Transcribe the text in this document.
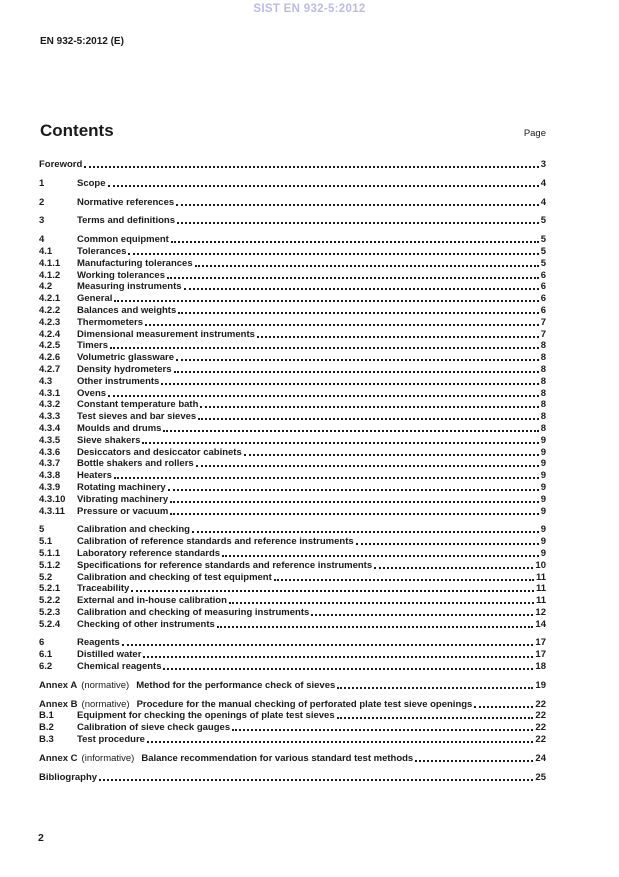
SIST EN 932-5:2012
EN 932-5:2012 (E)
Contents	Page
Foreword	3
1	Scope	4
2	Normative references	4
3	Terms and definitions	5
4	Common equipment	5
4.1	Tolerances	5
4.1.1	Manufacturing tolerances	5
4.1.2	Working tolerances	6
4.2	Measuring instruments	6
4.2.1	General	6
4.2.2	Balances and weights	6
4.2.3	Thermometers	7
4.2.4	Dimensional measurement instruments	7
4.2.5	Timers	8
4.2.6	Volumetric glassware	8
4.2.7	Density hydrometers	8
4.3	Other instruments	8
4.3.1	Ovens	8
4.3.2	Constant temperature bath	8
4.3.3	Test sieves and bar sieves	8
4.3.4	Moulds and drums	8
4.3.5	Sieve shakers	9
4.3.6	Desiccators and desiccator cabinets	9
4.3.7	Bottle shakers and rollers	9
4.3.8	Heaters	9
4.3.9	Rotating machinery	9
4.3.10	Vibrating machinery	9
4.3.11	Pressure or vacuum	9
5	Calibration and checking	9
5.1	Calibration of reference standards and reference instruments	9
5.1.1	Laboratory reference standards	9
5.1.2	Specifications for reference standards and reference instruments	10
5.2	Calibration and checking of test equipment	11
5.2.1	Traceability	11
5.2.2	External and in-house calibration	11
5.2.3	Calibration and checking of measuring instruments	12
5.2.4	Checking of other instruments	14
6	Reagents	17
6.1	Distilled water	17
6.2	Chemical reagents	18
Annex A (normative) Method for the performance check of sieves	19
Annex B (normative) Procedure for the manual checking of perforated plate test sieve openings	22
B.1	Equipment for checking the openings of plate test sieves	22
B.2	Calibration of sieve check gauges	22
B.3	Test procedure	22
Annex C (informative) Balance recommendation for various standard test methods	24
Bibliography	25
2
